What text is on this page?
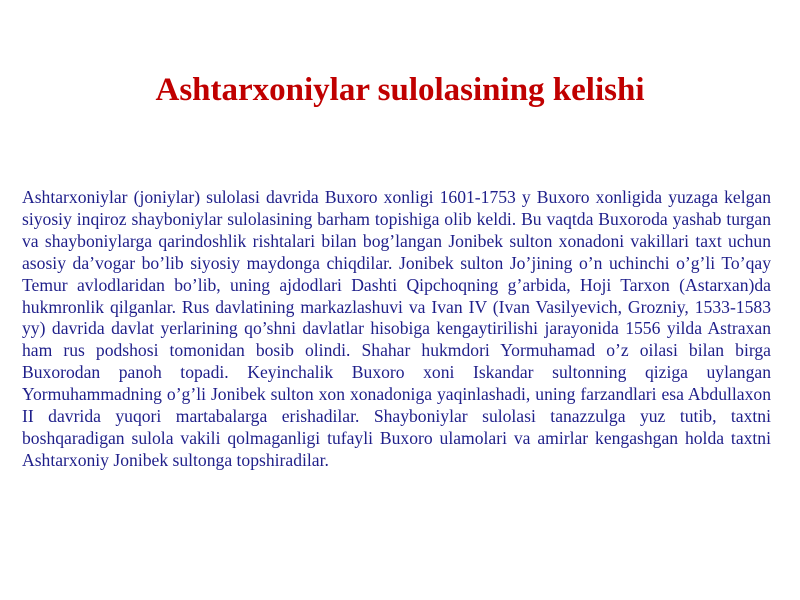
Ashtarxoniylar sulolasining kelishi

Ashtarxoniylar (joniylar) sulolasi davrida Buxoro xonligi 1601-1753 y Buxoro xonligida yuzaga kelgan siyosiy inqiroz shayboniylar sulolasining barham topishiga olib keldi. Bu vaqtda Buxoroda yashab turgan va shayboniylarga qarindoshlik rishtalari bilan bog’langan Jonibek sulton xonadoni vakillari taxt uchun asosiy da’vogar bo’lib siyosiy maydonga chiqdilar. Jonibek sulton Jo’jining o’n uchinchi o’g’li To’qay Temur avlodlaridan bo’lib, uning ajdodlari Dashti Qipchoqning g’arbida, Hoji Tarxon (Astarxan)da hukmronlik qilganlar. Rus davlatining markazlashuvi va Ivan IV (Ivan Vasilyevich, Grozniy, 1533-1583 yy) davrida davlat yerlarining qo’shni davlatlar hisobiga kengaytirilishi jarayonida 1556 yilda Astraxan ham rus podshosi tomonidan bosib olindi. Shahar hukmdori Yormuhamad o’z oilasi bilan birga Buxorodan panoh topadi. Keyinchalik Buxoro xoni Iskandar sultonning qiziga uylangan Yormuhammadning o’g’li Jonibek sulton xon xonadoniga yaqinlashadi, uning farzandlari esa Abdullaxon II davrida yuqori martabalarga erishadilar. Shayboniylar sulolasi tanazzulga yuz tutib, taxtni boshqaradigan sulola vakili qolmaganligi tufayli Buxoro ulamolari va amirlar kengashgan holda taxtni Ashtarxoniy Jonibek sultonga topshiradilar.
